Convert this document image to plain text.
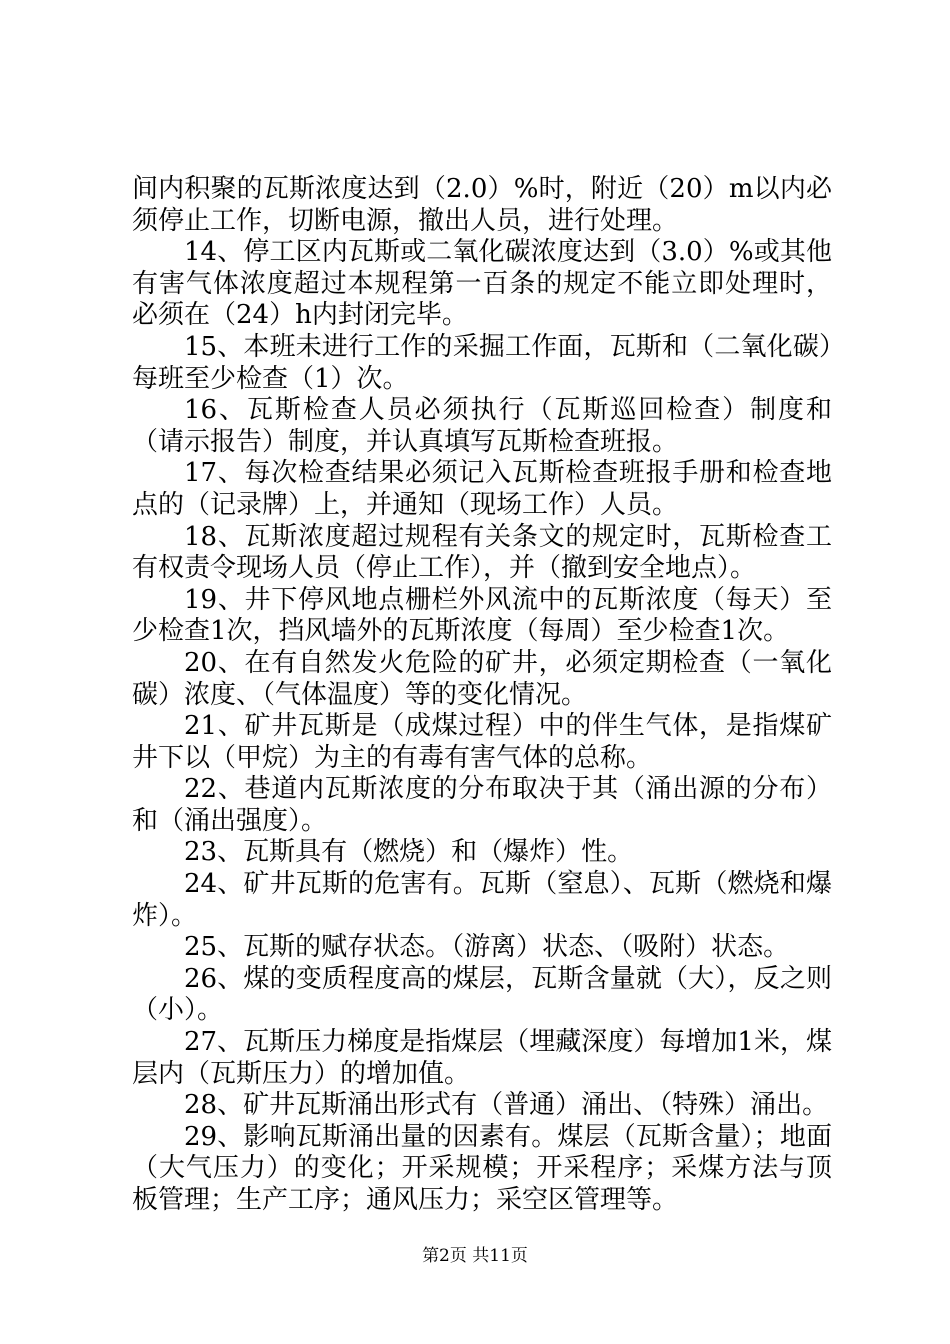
间内积聚的瓦斯浓度达到（2.0）%时，附近（20）m以内必须停止工作，切断电源，撤出人员，进行处理。

14、停工区内瓦斯或二氧化碳浓度达到（3.0）%或其他有害气体浓度超过本规程第一百条的规定不能立即处理时，必须在（24）h内封闭完毕。

15、本班未进行工作的采掘工作面，瓦斯和（二氧化碳）每班至少检查（1）次。

16、瓦斯检查人员必须执行（瓦斯巡回检查）制度和（请示报告）制度，并认真填写瓦斯检查班报。

17、每次检查结果必须记入瓦斯检查班报手册和检查地点的（记录牌）上，并通知（现场工作）人员。

18、瓦斯浓度超过规程有关条文的规定时，瓦斯检查工有权责令现场人员（停止工作），并（撤到安全地点）。

19、井下停风地点栅栏外风流中的瓦斯浓度（每天）至少检查1次，挡风墙外的瓦斯浓度（每周）至少检查1次。

20、在有自然发火危险的矿井，必须定期检查（一氧化碳）浓度、（气体温度）等的变化情况。

21、矿井瓦斯是（成煤过程）中的伴生气体，是指煤矿井下以（甲烷）为主的有毒有害气体的总称。

22、巷道内瓦斯浓度的分布取决于其（涌出源的分布）和（涌出强度）。

23、瓦斯具有（燃烧）和（爆炸）性。

24、矿井瓦斯的危害有。瓦斯（窒息）、瓦斯（燃烧和爆炸）。

25、瓦斯的赋存状态。（游离）状态、（吸附）状态。

26、煤的变质程度高的煤层，瓦斯含量就（大），反之则（小）。

27、瓦斯压力梯度是指煤层（埋藏深度）每增加1米，煤层内（瓦斯压力）的增加值。

28、矿井瓦斯涌出形式有（普通）涌出、（特殊）涌出。

29、影响瓦斯涌出量的因素有。煤层（瓦斯含量）；地面（大气压力）的变化；开采规模；开采程序；采煤方法与顶板管理；生产工序；通风压力；采空区管理等。

第2页 共11页
